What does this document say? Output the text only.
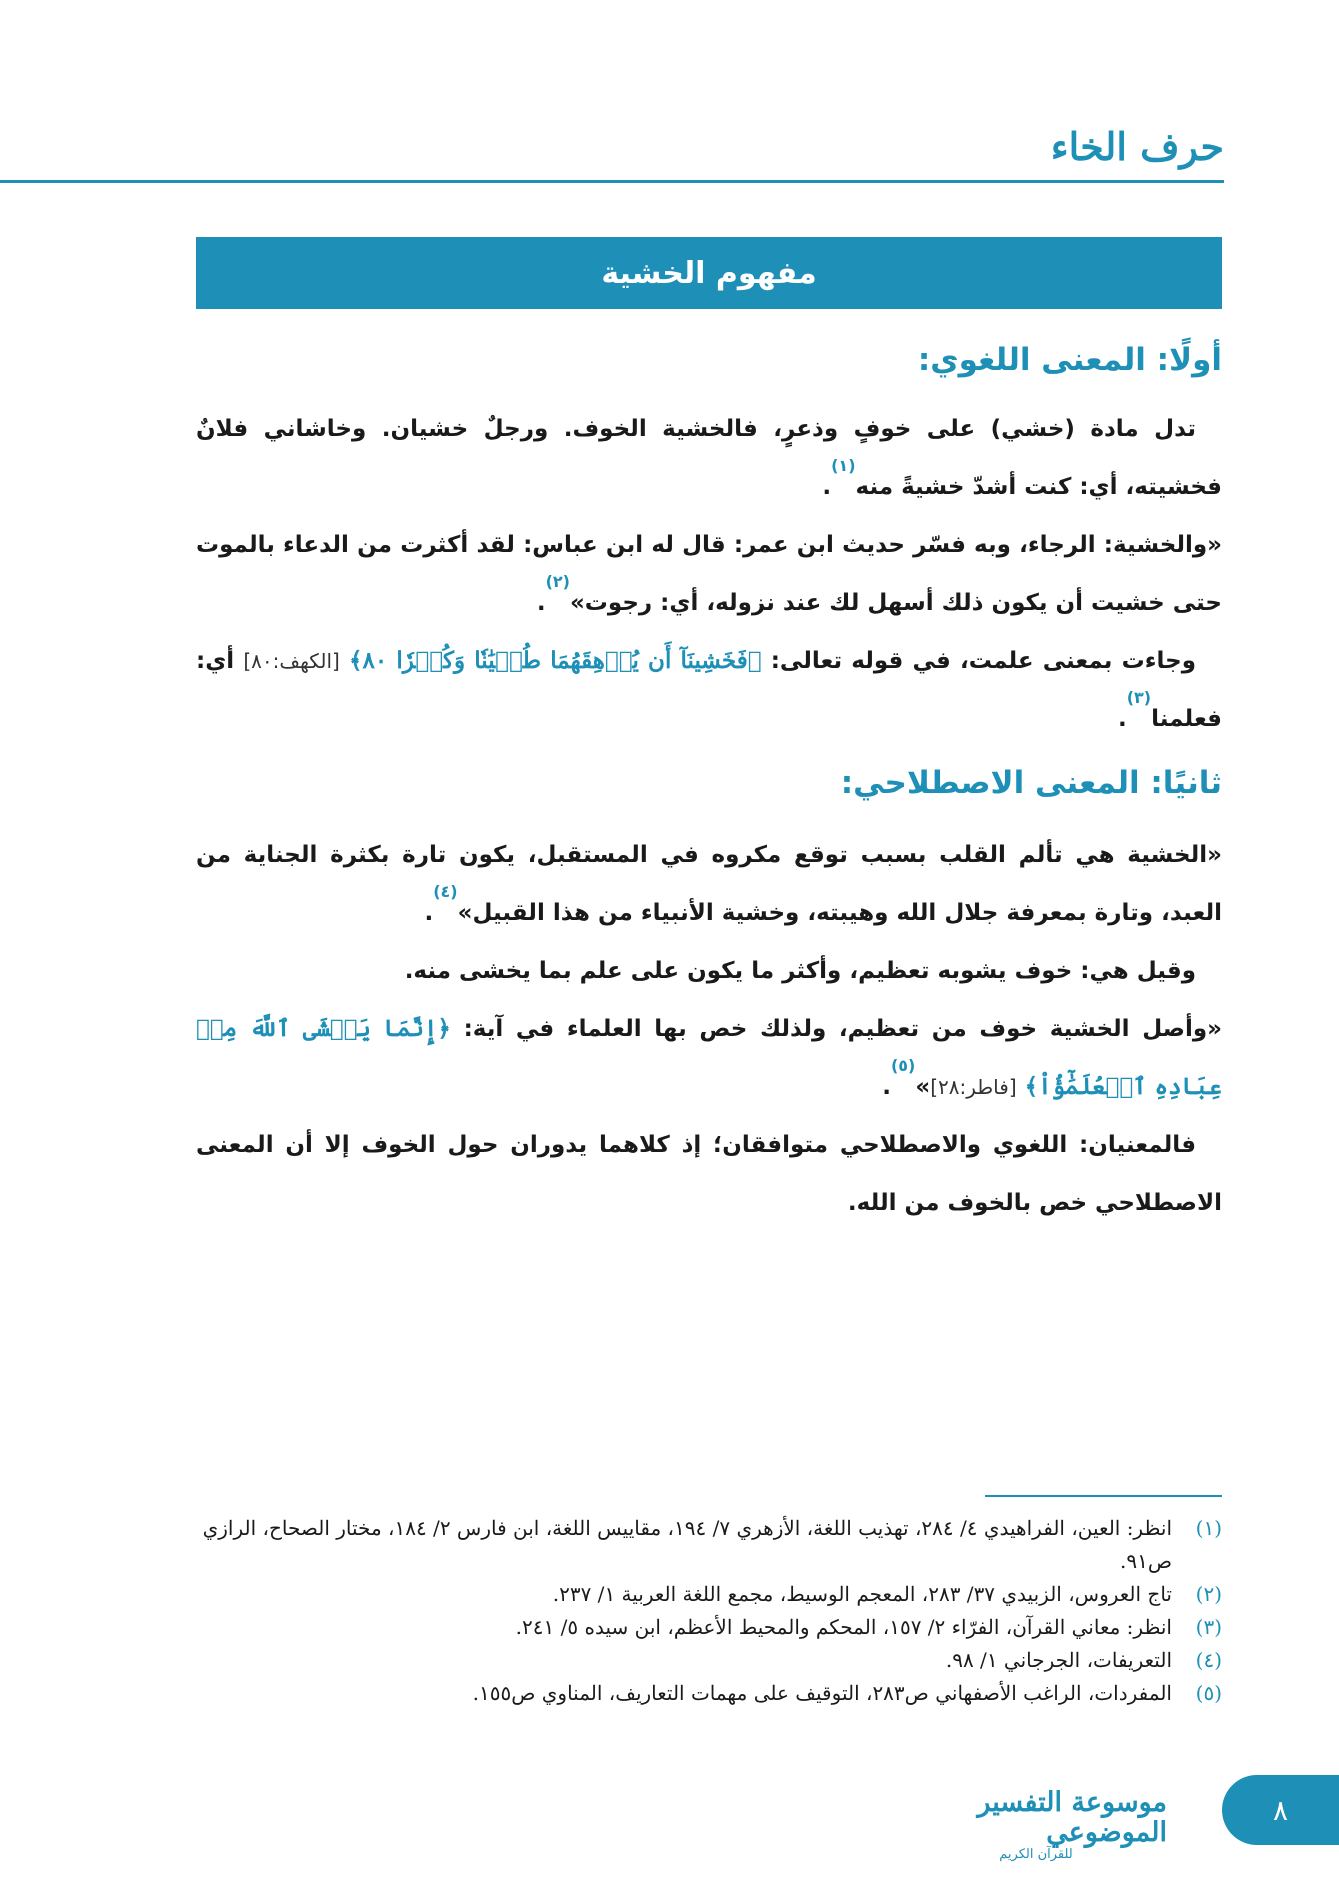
حرف الخاء
مفهوم الخشية
أولًا: المعنى اللغوي:

تدل مادة (خشي) على خوفٍ وذعرٍ، فالخشية الخوف. ورجلٌ خشيان. وخاشاني فلانٌ فخشيته، أي: كنت أشدّ خشيةً منه$^{(١)}$.

«والخشية: الرجاء، وبه فسّر حديث ابن عمر: قال له ابن عباس: لقد أكثرت من الدعاء بالموت حتى خشيت أن يكون ذلك أسهل لك عند نزوله، أي: رجوت»$^{(٢)}$.

وجاءت بمعنى علمت، في قوله تعالى: ﴿فَخَشِينَآ أَن يُرۡهِقَهُمَا طُغۡيَٰنٗا وَكُفۡرٗا ٨٠﴾ [الكهف:٨٠] أي: فعلمنا$^{(٣)}$.

ثانيًا: المعنى الاصطلاحي:

«الخشية هي تألم القلب بسبب توقع مكروه في المستقبل، يكون تارة بكثرة الجناية من العبد، وتارة بمعرفة جلال الله وهيبته، وخشية الأنبياء من هذا القبيل»$^{(٤)}$.

وقيل هي: خوف يشوبه تعظيم، وأكثر ما يكون على علم بما يخشى منه.

«وأصل الخشية خوف من تعظيم، ولذلك خص بها العلماء في آية: ﴿إِنَّمَا يَخۡشَى ٱللَّهَ مِنۡ عِبَادِهِ ٱلۡعُلَمَٰٓؤُاْ﴾ [فاطر:٢٨]»$^{(٥)}$.

فالمعنيان: اللغوي والاصطلاحي متوافقان؛ إذ كلاهما يدوران حول الخوف إلا أن المعنى الاصطلاحي خص بالخوف من الله.

(١)
انظر: العين، الفراهيدي ٤/ ٢٨٤، تهذيب اللغة، الأزهري ٧/ ١٩٤، مقاييس اللغة، ابن فارس ٢/ ١٨٤، مختار الصحاح، الرازي ص٩١.
(٢)
تاج العروس، الزبيدي ٣٧/ ٢٨٣، المعجم الوسيط، مجمع اللغة العربية ١/ ٢٣٧.
(٣)
انظر: معاني القرآن، الفرّاء ٢/ ١٥٧، المحكم والمحيط الأعظم، ابن سيده ٥/ ٢٤١.
(٤)
التعريفات، الجرجاني ١/ ٩٨.
(٥)
المفردات، الراغب الأصفهاني ص٢٨٣، التوقيف على مهمات التعاريف، المناوي ص١٥٥.
موسوعة التفسير الموضوعي
للقرآن الكريم
٨
